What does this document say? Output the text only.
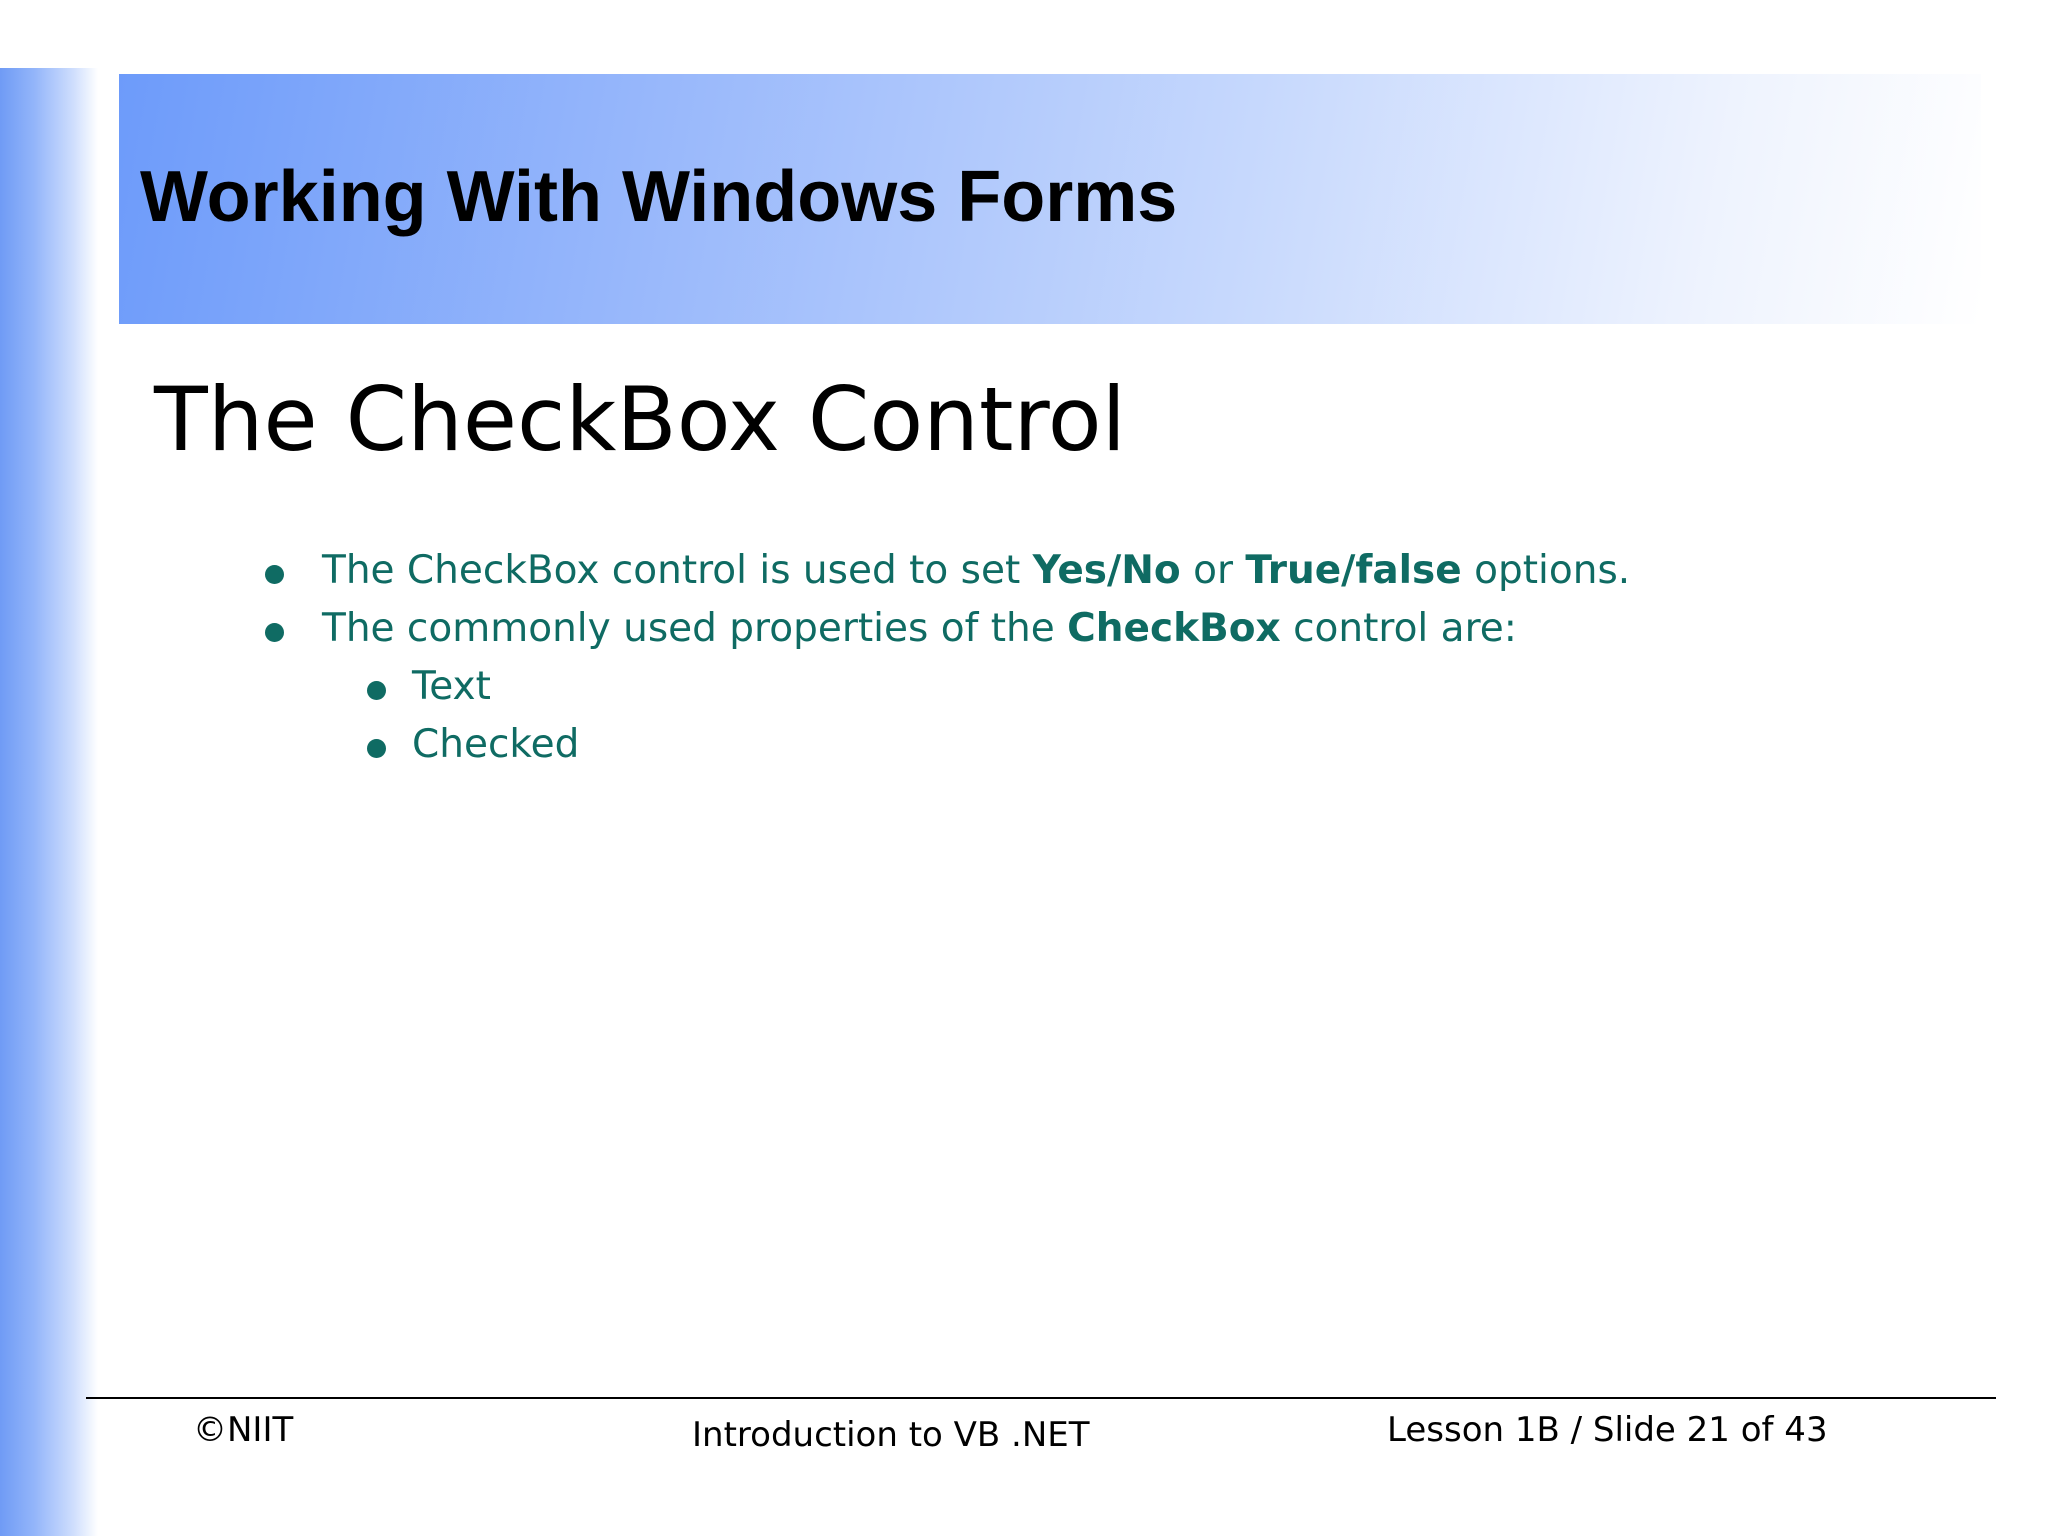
Working With Windows Forms
The CheckBox Control
The CheckBox control is used to set Yes/No or True/false options.
The commonly used properties of the CheckBox control are:
Text
Checked
©NIIT	Introduction to VB .NET	Lesson 1B / Slide 21 of 43
